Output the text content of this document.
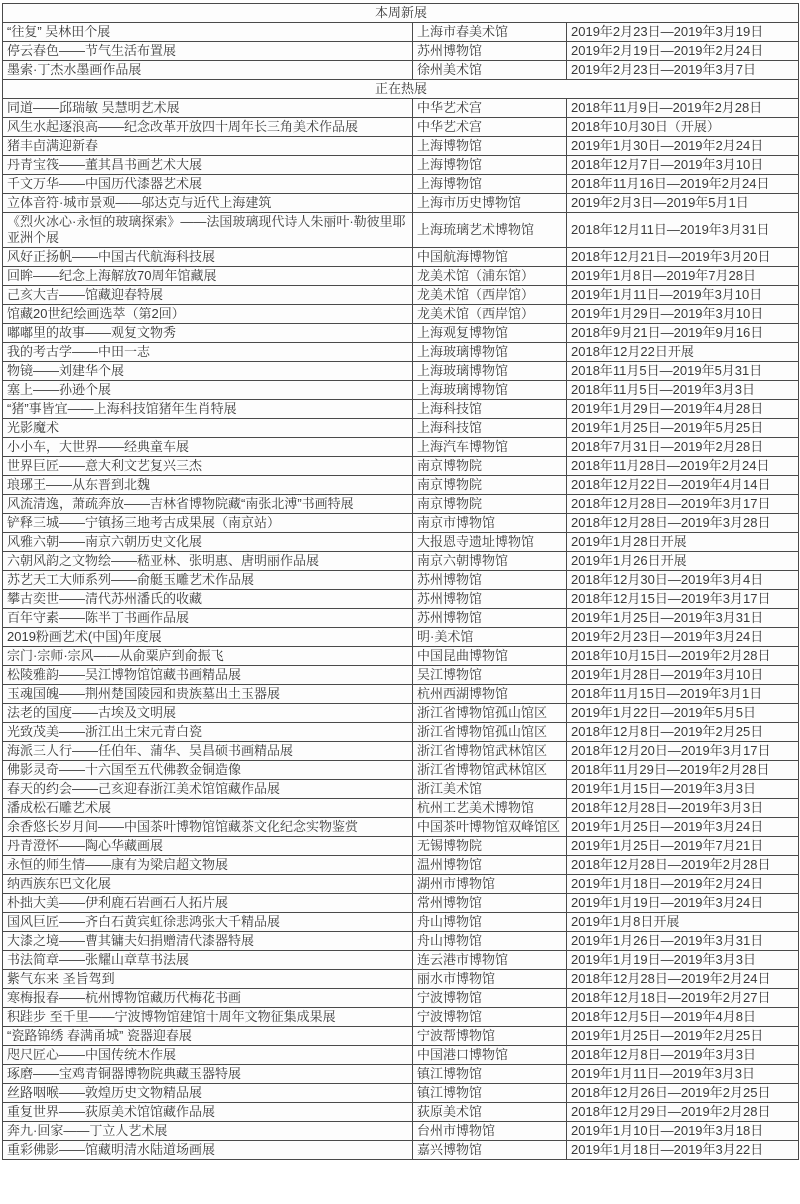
本周新展		
“往复” 吴林田个展	上海市春美术馆	2019年2月23日—2019年3月19日
停云春色——节气生活布置展	苏州博物馆	2019年2月19日—2019年2月24日
墨索·丁杰水墨画作品展	徐州美术馆	2019年2月23日—2019年3月7日
正在热展		
同道——邱瑞敏 吴慧明艺术展	中华艺术宫	2018年11月9日—2019年2月28日
风生水起逐浪高——纪念改革开放四十周年长三角美术作品展	中华艺术宫	2018年10月30日（开展）
猪丰卣满迎新春	上海博物馆	2019年1月30日—2019年2月24日
丹青宝筏——董其昌书画艺术大展	上海博物馆	2018年12月7日—2019年3月10日
千文万华——中国历代漆器艺术展	上海博物馆	2018年11月16日—2019年2月24日
立体音符·城市景观——邬达克与近代上海建筑	上海市历史博物馆	2019年2月3日—2019年5月1日
《烈火冰心·永恒的玻璃探索》——法国玻璃现代诗人朱丽叶·勒彼里耶亚洲个展	上海琉璃艺术博物馆	2018年12月11日—2019年3月31日
风好正扬帆——中国古代航海科技展	中国航海博物馆	2018年12月21日—2019年3月20日
回眸——纪念上海解放70周年馆藏展	龙美术馆（浦东馆）	2019年1月8日—2019年7月28日
己亥大吉——馆藏迎春特展	龙美术馆（西岸馆）	2019年1月11日—2019年3月10日
馆藏20世纪绘画选萃（第2回）	龙美术馆（西岸馆）	2019年1月29日—2019年3月10日
嘟嘟里的故事——观复文物秀	上海观复博物馆	2018年9月21日—2019年9月16日
我的考古学——中田一志	上海玻璃博物馆	2018年12月22日开展
物镜——刘建华个展	上海玻璃博物馆	2018年11月5日—2019年5月31日
塞上——孙逊个展	上海玻璃博物馆	2018年11月5日—2019年3月3日
“猪”事皆宜——上海科技馆猪年生肖特展	上海科技馆	2019年1月29日—2019年4月28日
光影魔术	上海科技馆	2019年1月25日—2019年5月25日
小小车，大世界——经典童车展	上海汽车博物馆	2018年7月31日—2019年2月28日
世界巨匠——意大利文艺复兴三杰	南京博物院	2018年11月28日—2019年2月24日
琅琊王——从东晋到北魏	南京博物院	2018年12月22日—2019年4月14日
风流清逸，萧疏奔放——吉林省博物院藏“南张北溥”书画特展	南京博物院	2018年12月28日—2019年3月17日
铲释三城——宁镇扬三地考古成果展（南京站）	南京市博物馆	2018年12月28日—2019年3月28日
风雅六朝——南京六朝历史文化展	大报恩寺遗址博物馆	2019年1月28日开展
六朝风韵之文物绘——嵇亚林、张明惠、唐明丽作品展	南京六朝博物馆	2019年1月26日开展
苏艺天工大师系列——俞艇玉雕艺术作品展	苏州博物馆	2018年12月30日—2019年3月4日
攀古奕世——清代苏州潘氏的收藏	苏州博物馆	2018年12月15日—2019年3月17日
百年守素——陈半丁书画作品展	苏州博物馆	2019年1月25日—2019年3月31日
2019粉画艺术(中国)年度展	明·美术馆	2019年2月23日—2019年3月24日
宗门·宗师·宗风——从俞粟庐到俞振飞	中国昆曲博物馆	2018年10月15日—2019年2月28日
松陵雅韵——吴江博物馆馆藏书画精品展	吴江博物馆	2019年1月28日—2019年3月10日
玉魂国魄——荆州楚国陵园和贵族墓出土玉器展	杭州西湖博物馆	2018年11月15日—2019年3月1日
法老的国度——古埃及文明展	浙江省博物馆孤山馆区	2019年1月22日—2019年5月5日
光致茂美——浙江出土宋元青白瓷	浙江省博物馆孤山馆区	2018年12月8日—2019年2月25日
海派三人行——任伯年、蒲华、吴昌硕书画精品展	浙江省博物馆武林馆区	2018年12月20日—2019年3月17日
佛影灵奇——十六国至五代佛教金铜造像	浙江省博物馆武林馆区	2018年11月29日—2019年2月28日
春天的约会——己亥迎春浙江美术馆馆藏作品展	浙江美术馆	2019年1月15日—2019年3月3日
潘成松石雕艺术展	杭州工艺美术博物馆	2018年12月28日—2019年3月3日
余香悠长岁月间——中国茶叶博物馆馆藏茶文化纪念实物鉴赏	中国茶叶博物馆双峰馆区	2019年1月25日—2019年3月24日
丹青澄怀——陶心华藏画展	无锡博物院	2019年1月25日—2019年7月21日
永恒的师生情——康有为梁启超文物展	温州博物馆	2018年12月28日—2019年2月28日
纳西族东巴文化展	湖州市博物馆	2019年1月18日—2019年2月24日
朴拙大美——伊利鹿石岩画石人拓片展	常州博物馆	2019年1月19日—2019年3月24日
国风巨匠——齐白石黄宾虹徐悲鸿张大千精品展	舟山博物馆	2019年1月8日开展
大漆之境——曹其镛夫妇捐赠清代漆器特展	舟山博物馆	2019年1月26日—2019年3月31日
书法简章——张耀山章草书法展	连云港市博物馆	2019年1月19日—2019年3月3日
紫气东来 圣旨驾到	丽水市博物馆	2018年12月28日—2019年2月24日
寒梅报春——杭州博物馆藏历代梅花书画	宁波博物馆	2018年12月18日—2019年2月27日
积跬步 至千里——宁波博物馆建馆十周年文物征集成果展	宁波博物馆	2018年12月5日—2019年4月8日
“瓷路锦绣 春满甬城” 瓷器迎春展	宁波帮博物馆	2019年1月25日—2019年2月25日
咫尺匠心——中国传统木作展	中国港口博物馆	2018年12月8日—2019年3月3日
琢磨——宝鸡青铜器博物院典藏玉器特展	镇江博物馆	2019年1月11日—2019年3月3日
丝路咽喉——敦煌历史文物精品展	镇江博物馆	2018年12月26日—2019年2月25日
重复世界——荻原美术馆馆藏作品展	荻原美术馆	2018年12月29日—2019年2月28日
奔九·回家——丁立人艺术展	台州市博物馆	2019年1月10日—2019年3月18日
重彩佛影——馆藏明清水陆道场画展	嘉兴博物馆	2019年1月18日—2019年3月22日
